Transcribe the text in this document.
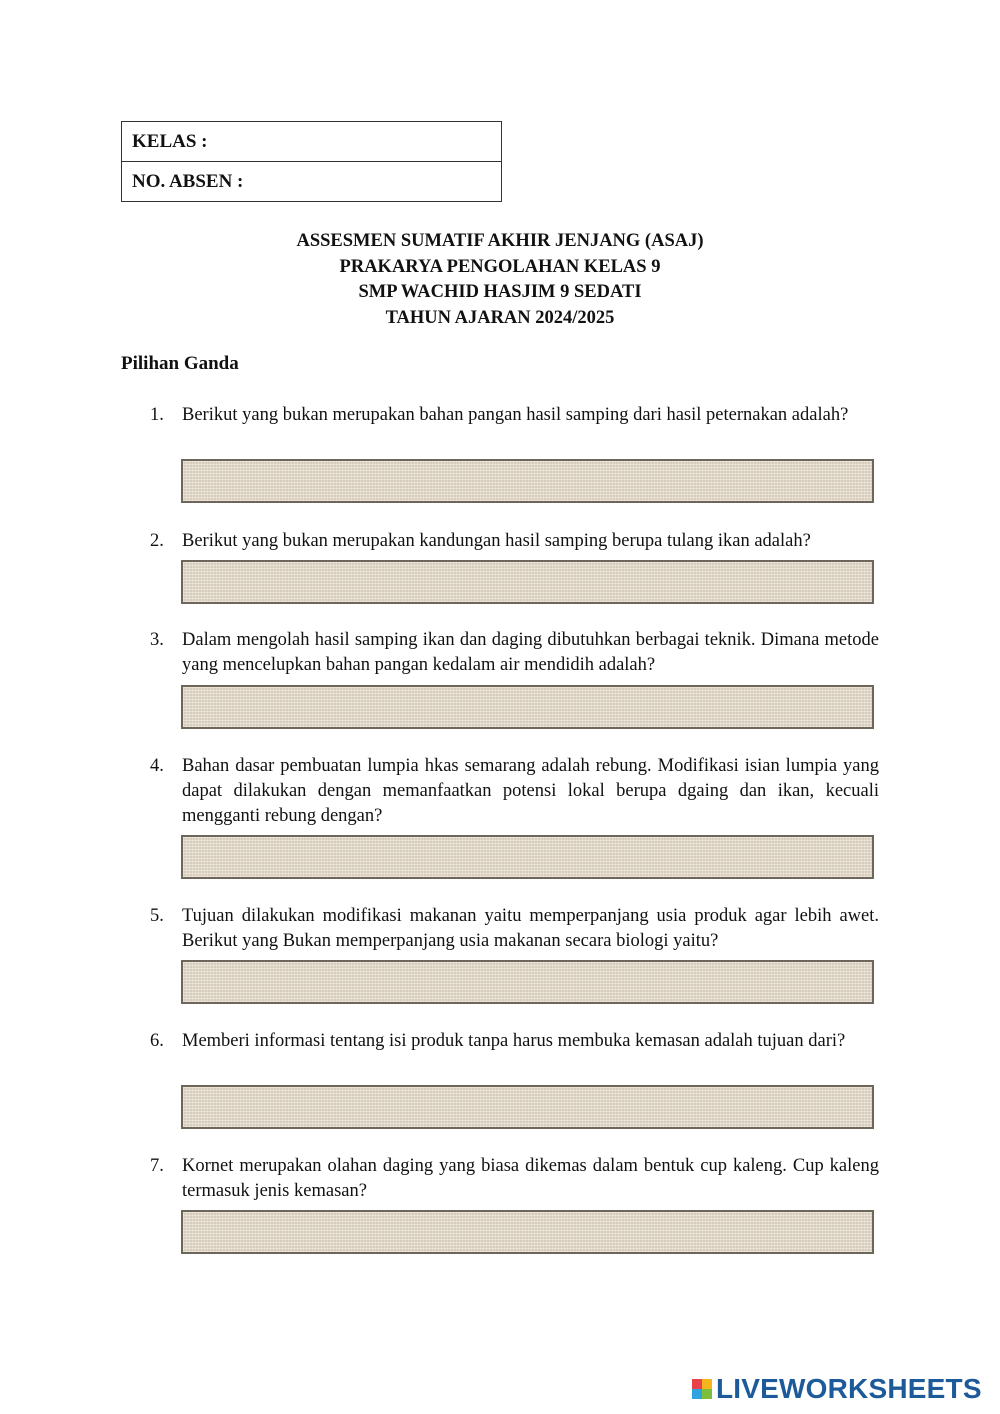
KELAS :
NO. ABSEN :
ASSESMEN SUMATIF AKHIR JENJANG (ASAJ)
PRAKARYA PENGOLAHAN KELAS 9
SMP WACHID HASJIM 9 SEDATI
TAHUN AJARAN 2024/2025
Pilihan Ganda
1. Berikut yang bukan merupakan bahan pangan hasil samping dari hasil peternakan adalah?
2. Berikut yang bukan merupakan kandungan hasil samping berupa tulang ikan adalah?
3. Dalam mengolah hasil samping ikan dan daging dibutuhkan berbagai teknik. Dimana metode yang mencelupkan bahan pangan kedalam air mendidih adalah?
4. Bahan dasar pembuatan lumpia hkas semarang adalah rebung. Modifikasi isian lumpia yang dapat dilakukan dengan memanfaatkan potensi lokal berupa dgaing dan ikan, kecuali mengganti rebung dengan?
5. Tujuan dilakukan modifikasi makanan yaitu memperpanjang usia produk agar lebih awet. Berikut yang Bukan memperpanjang usia makanan secara biologi yaitu?
6. Memberi informasi tentang isi produk tanpa harus membuka kemasan adalah tujuan dari?
7. Kornet merupakan olahan daging yang biasa dikemas dalam bentuk cup kaleng. Cup kaleng termasuk jenis kemasan?
LIVEWORKSHEETS
